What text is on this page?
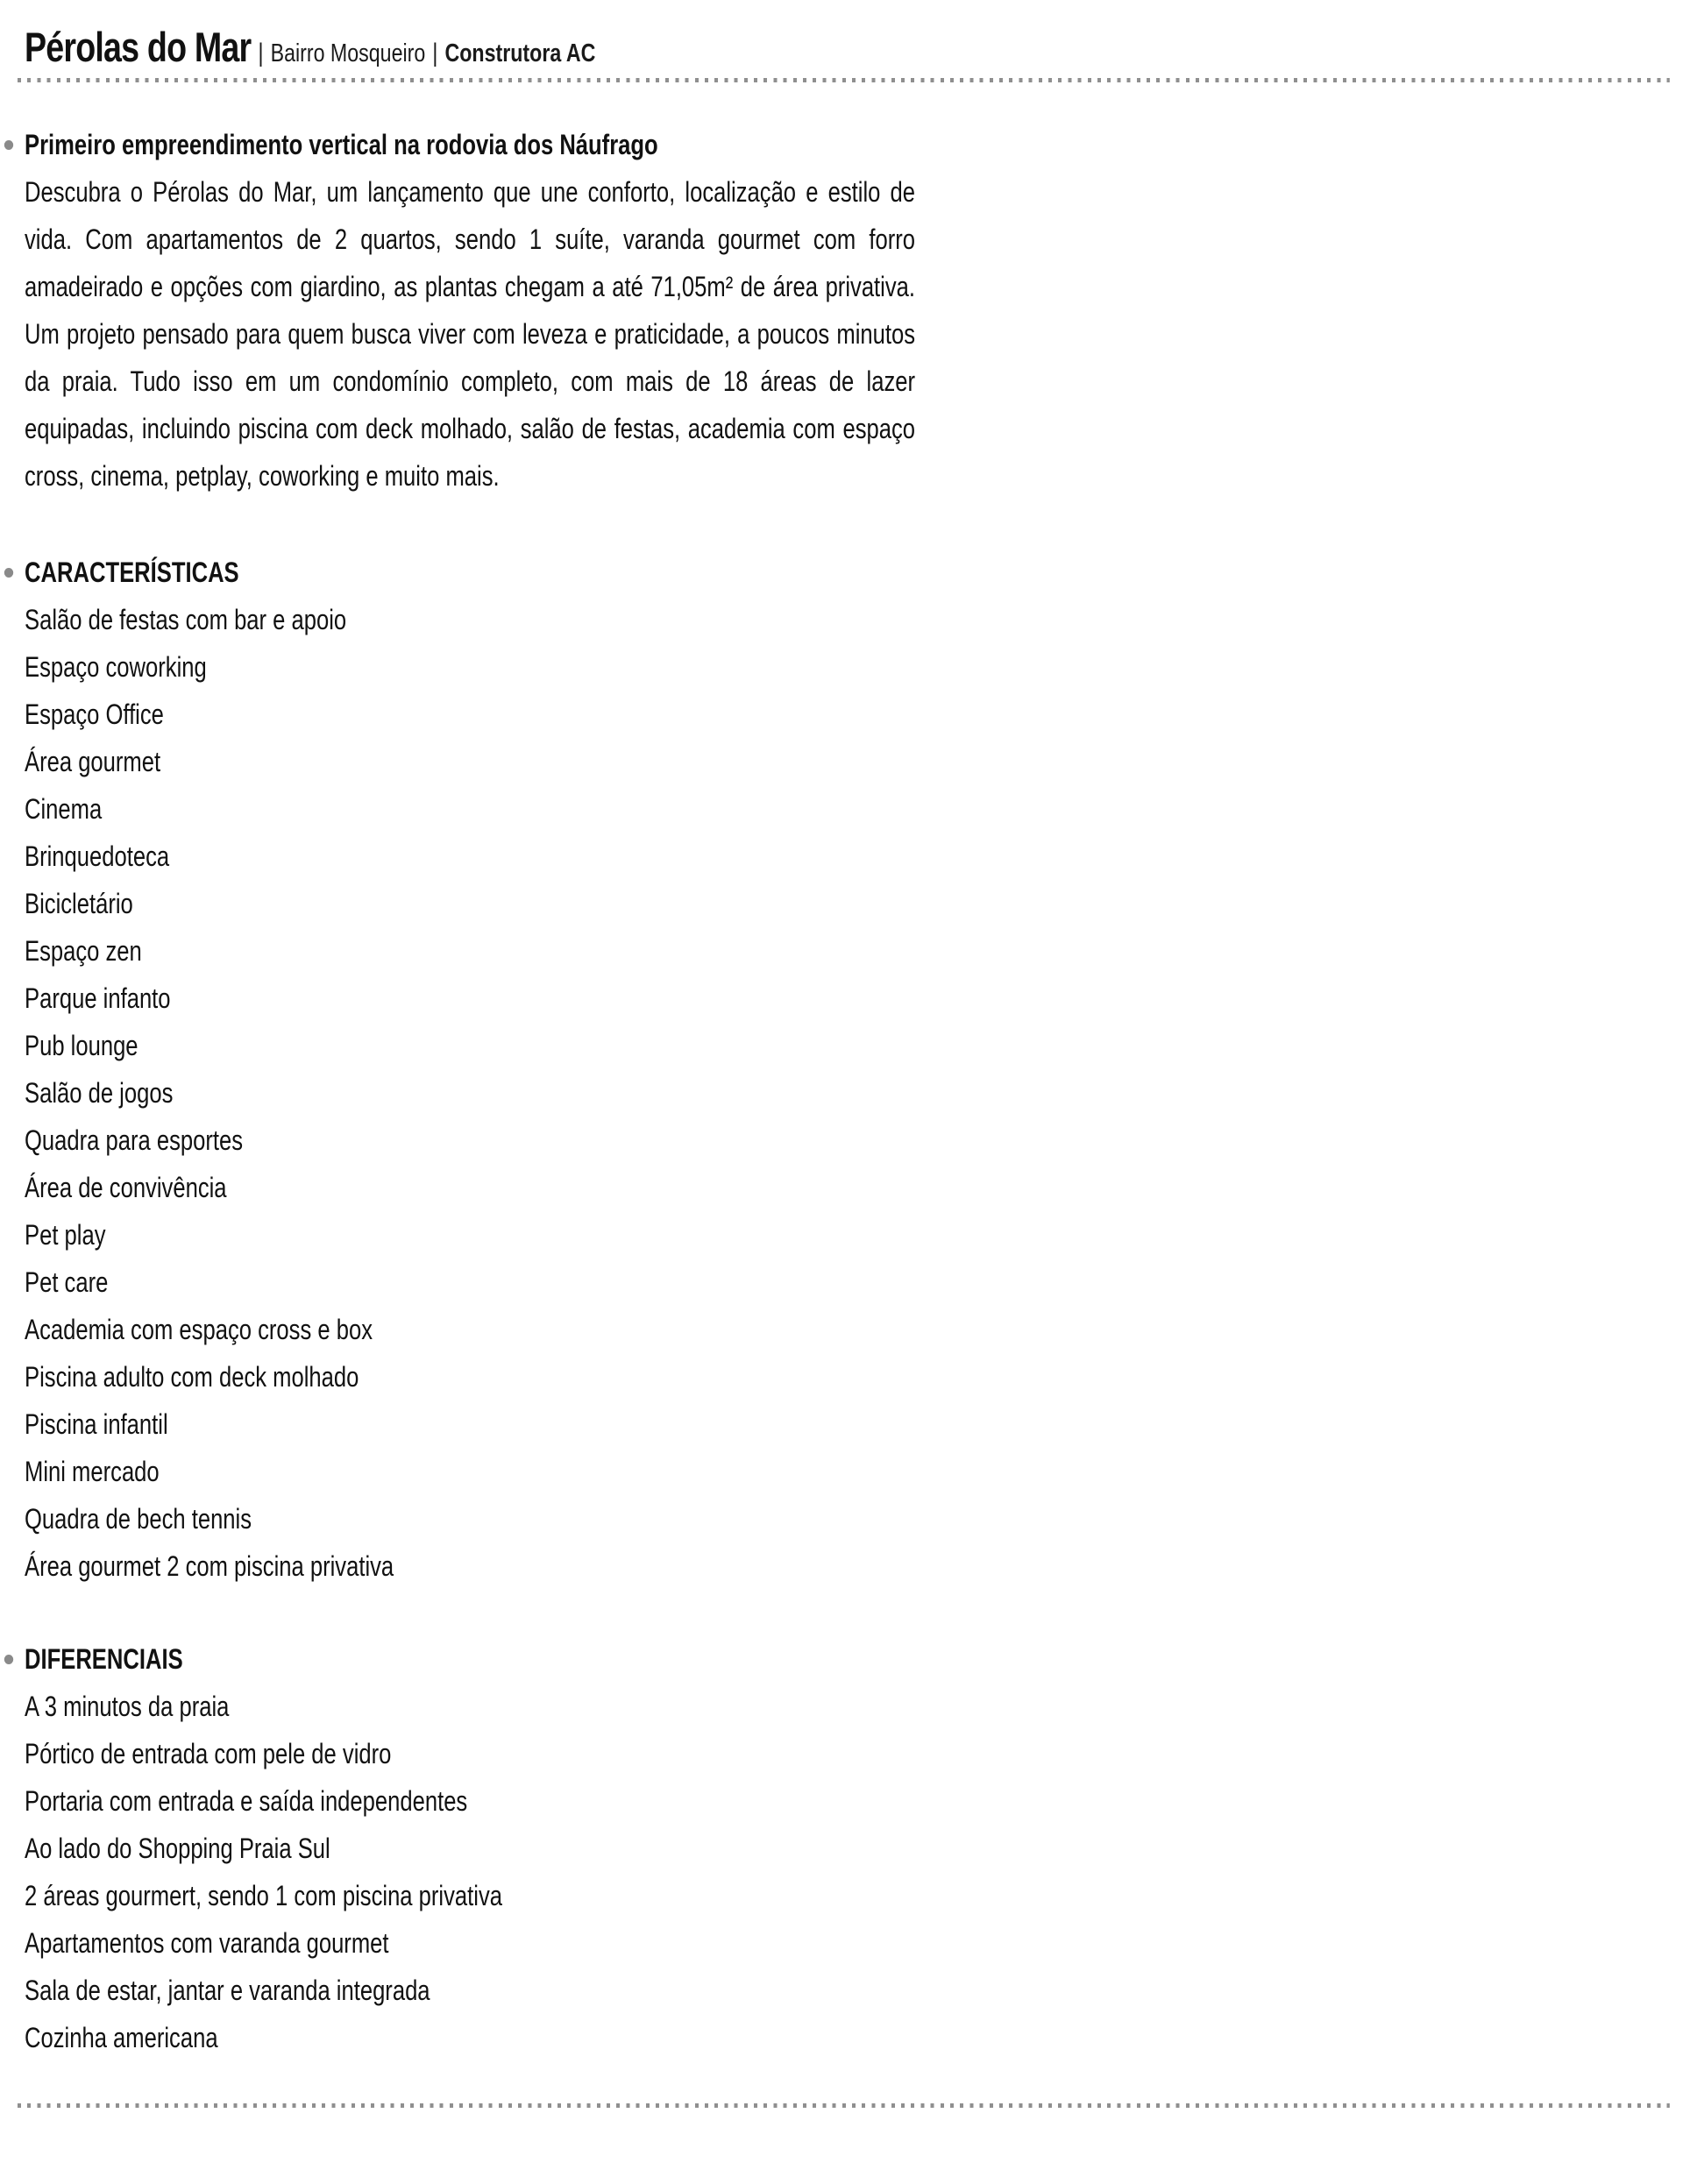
Pérolas do Mar | Bairro Mosqueiro | Construtora AC
Primeiro empreendimento vertical na rodovia dos Náufrago

Descubra o Pérolas do Mar, um lançamento que une conforto, localização e estilo de vida. Com apartamentos de 2 quartos, sendo 1 suíte, varanda gourmet com forro amadeirado e opções com giardino, as plantas chegam a até 71,05m² de área privativa. Um projeto pensado para quem busca viver com leveza e praticidade, a poucos minutos da praia. Tudo isso em um condomínio completo, com mais de 18 áreas de lazer equipadas, incluindo piscina com deck molhado, salão de festas, academia com espaço cross, cinema, petplay, coworking e muito mais.

CARACTERÍSTICAS
Salão de festas com bar e apoio
Espaço coworking
Espaço Office
Área gourmet
Cinema
Brinquedoteca
Bicicletário
Espaço zen
Parque infanto
Pub lounge
Salão de jogos
Quadra para esportes
Área de convivência
Pet play
Pet care
Academia com espaço cross e box
Piscina adulto com deck molhado
Piscina infantil
Mini mercado
Quadra de bech tennis
Área gourmet 2 com piscina privativa
DIFERENCIAIS
A 3 minutos da praia
Pórtico de entrada com pele de vidro
Portaria com entrada e saída independentes
Ao lado do Shopping Praia Sul
2 áreas gourmert, sendo 1 com piscina privativa
Apartamentos com varanda gourmet
Sala de estar, jantar e varanda integrada
Cozinha americana
